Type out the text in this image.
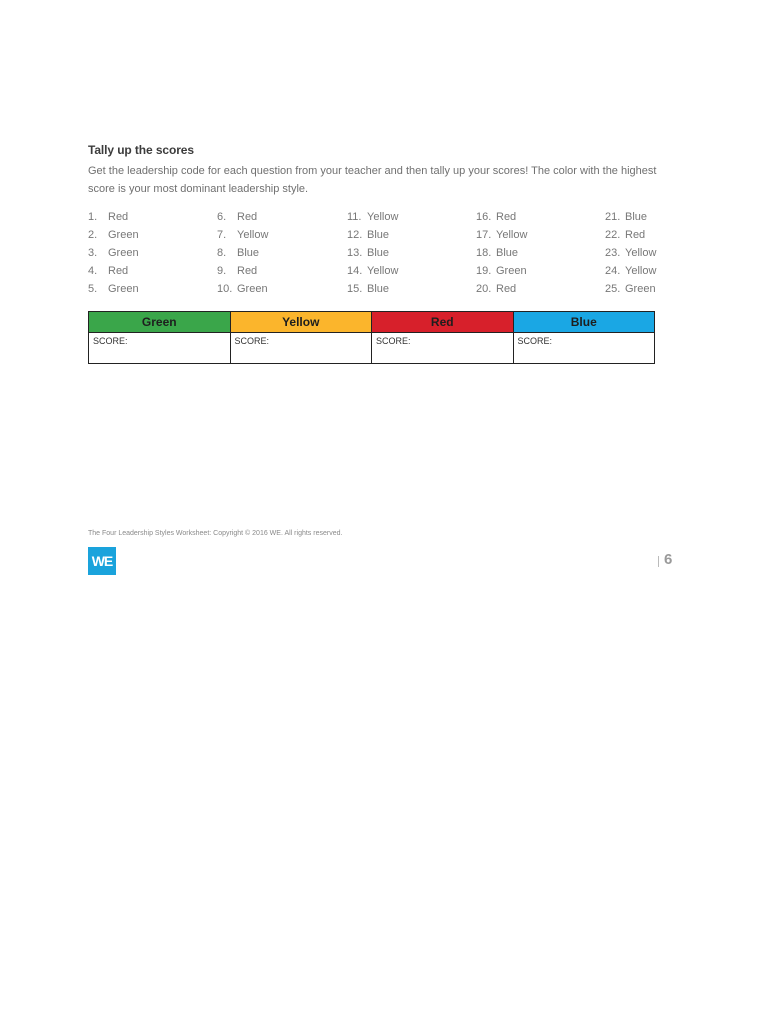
Tally up the scores
Get the leadership code for each question from your teacher and then tally up your scores! The color with the highest score is your most dominant leadership style.
1. Red
2. Green
3. Green
4. Red
5. Green
6. Red
7. Yellow
8. Blue
9. Red
10. Green
11. Yellow
12. Blue
13. Blue
14. Yellow
15. Blue
16. Red
17. Yellow
18. Blue
19. Green
20. Red
21. Blue
22. Red
23. Yellow
24. Yellow
25. Green
Green	Yellow	Red	Blue
SCORE:	SCORE:	SCORE:	SCORE:
The Four Leadership Styles Worksheet: Copyright © 2016 WE. All rights reserved.
WE	6
